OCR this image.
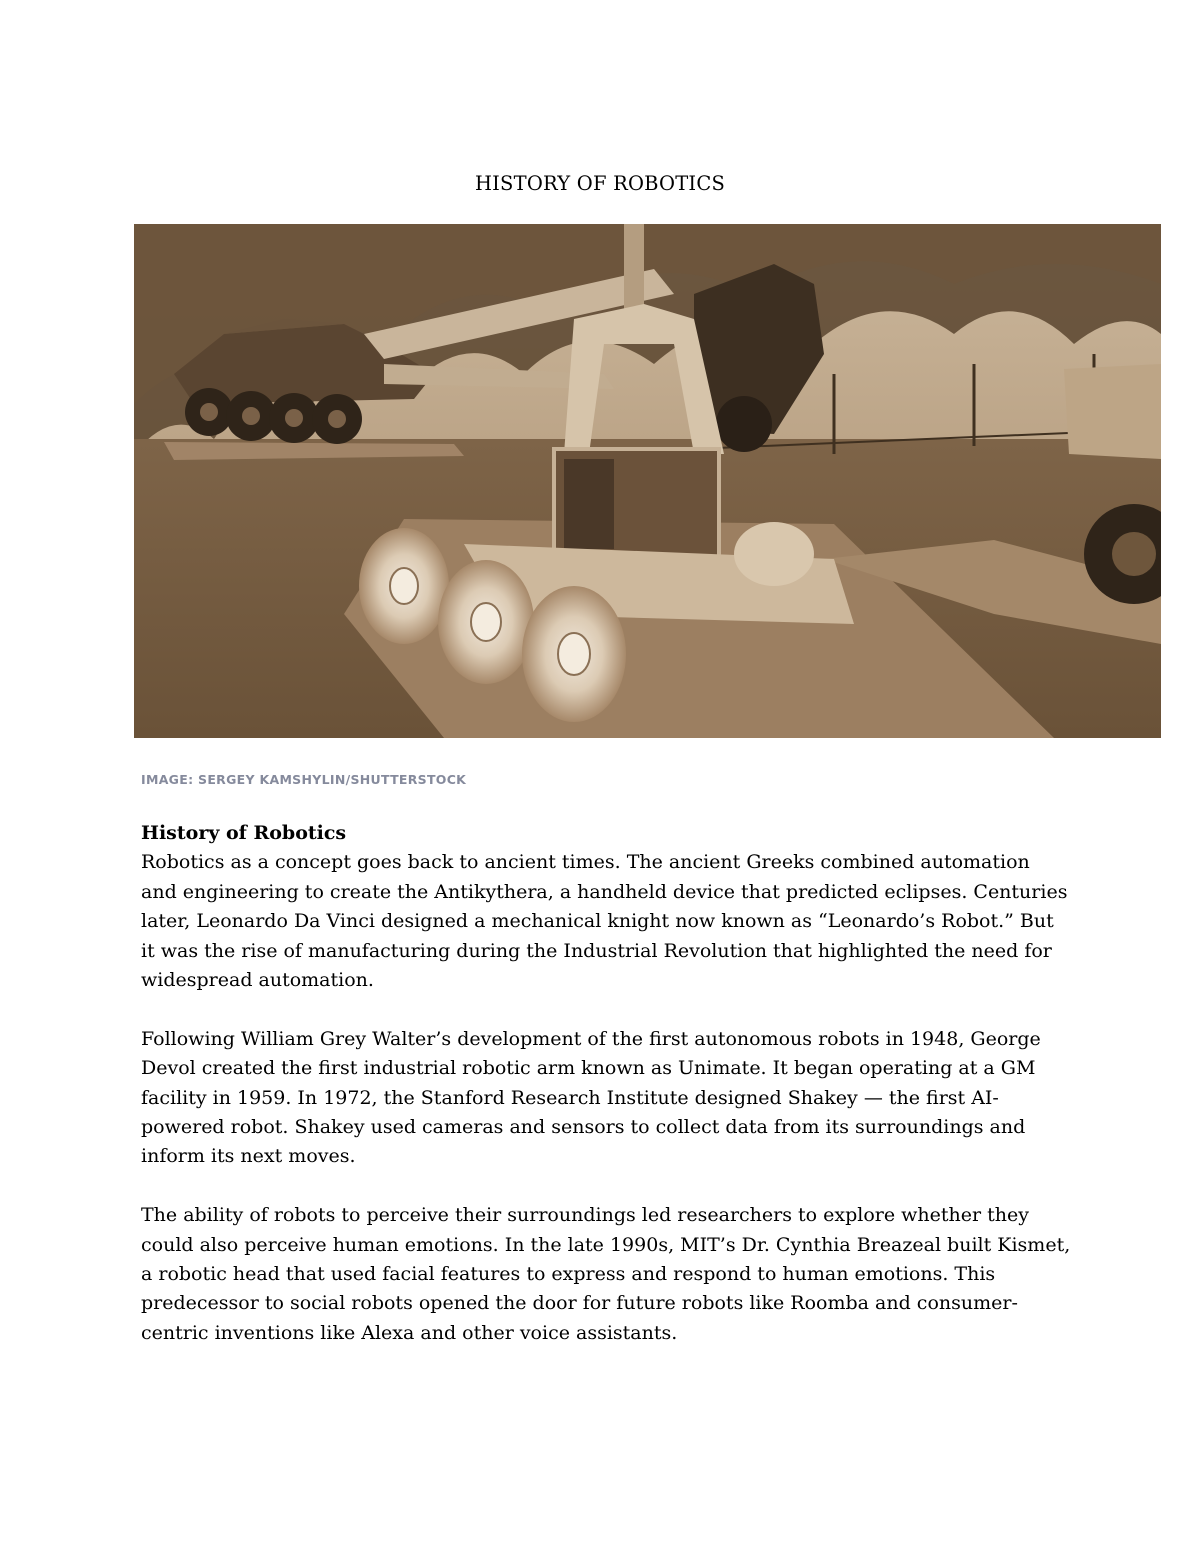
HISTORY OF ROBOTICS
IMAGE: SERGEY KAMSHYLIN/SHUTTERSTOCK

History of Robotics

Robotics as a concept goes back to ancient times. The ancient Greeks combined automation and engineering to create the Antikythera, a handheld device that predicted eclipses. Centuries later, Leonardo Da Vinci designed a mechanical knight now known as “Leonardo’s Robot.” But it was the rise of manufacturing during the Industrial Revolution that highlighted the need for widespread automation.

Following William Grey Walter’s development of the first autonomous robots in 1948, George Devol created the first industrial robotic arm known as Unimate. It began operating at a GM facility in 1959. In 1972, the Stanford Research Institute designed Shakey — the first AI-powered robot. Shakey used cameras and sensors to collect data from its surroundings and inform its next moves.

The ability of robots to perceive their surroundings led researchers to explore whether they could also perceive human emotions. In the late 1990s, MIT’s Dr. Cynthia Breazeal built Kismet, a robotic head that used facial features to express and respond to human emotions. This predecessor to social robots opened the door for future robots like Roomba and consumer-centric inventions like Alexa and other voice assistants.
